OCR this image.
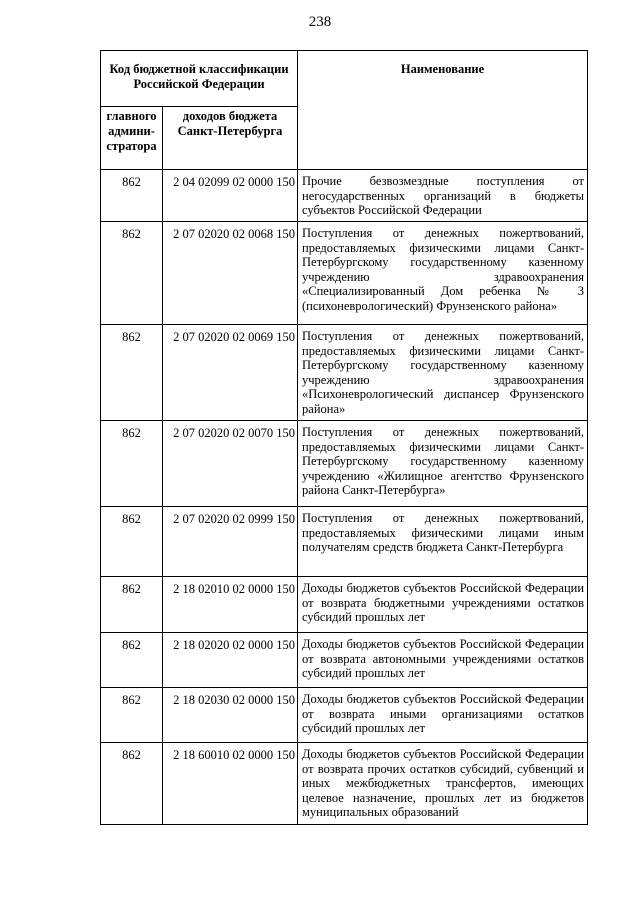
238
Код бюджетной классификации Российской Федерации		Наименование
главного админи-стратора	доходов бюджета Санкт-Петербурга	
862	2 04 02099 02 0000 150	Прочие безвозмездные поступления от негосударственных организаций в бюджеты субъектов Российской Федерации
862	2 07 02020 02 0068 150	Поступления от денежных пожертвований, предоставляемых физическими лицами Санкт-Петербургскому государственному казенному учреждению здравоохранения «Специализированный Дом ребенка № 3 (психоневрологический) Фрунзенского района»
862	2 07 02020 02 0069 150	Поступления от денежных пожертвований, предоставляемых физическими лицами Санкт-Петербургскому государственному казенному учреждению здравоохранения «Психоневрологический диспансер Фрунзенского района»
862	2 07 02020 02 0070 150	Поступления от денежных пожертвований, предоставляемых физическими лицами Санкт-Петербургскому государственному казенному учреждению «Жилищное агентство Фрунзенского района Санкт-Петербурга»
862	2 07 02020 02 0999 150	Поступления от денежных пожертвований, предоставляемых физическими лицами иным получателям средств бюджета Санкт-Петербурга
862	2 18 02010 02 0000 150	Доходы бюджетов субъектов Российской Федерации от возврата бюджетными учреждениями остатков субсидий прошлых лет
862	2 18 02020 02 0000 150	Доходы бюджетов субъектов Российской Федерации от возврата автономными учреждениями остатков субсидий прошлых лет
862	2 18 02030 02 0000 150	Доходы бюджетов субъектов Российской Федерации от возврата иными организациями остатков субсидий прошлых лет
862	2 18 60010 02 0000 150	Доходы бюджетов субъектов Российской Федерации от возврата прочих остатков субсидий, субвенций и иных межбюджетных трансфертов, имеющих целевое назначение, прошлых лет из бюджетов муниципальных образований
